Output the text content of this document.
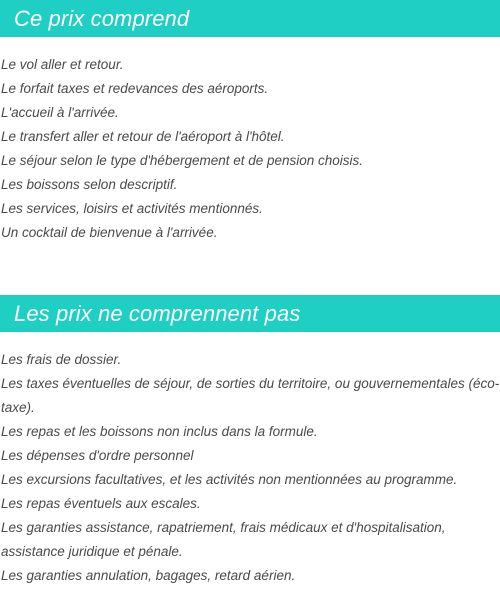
Ce prix comprend
Le vol aller et retour.
Le forfait taxes et redevances des aéroports.
L'accueil à l'arrivée.
Le transfert aller et retour de l'aéroport à l'hôtel.
Le séjour selon le type d'hébergement et de pension choisis.
Les boissons selon descriptif.
Les services, loisirs et activités mentionnés.
Un cocktail de bienvenue à l'arrivée.
Les prix ne comprennent pas
Les frais de dossier.
Les taxes éventuelles de séjour, de sorties du territoire, ou gouvernementales (éco-taxe).
Les repas et les boissons non inclus dans la formule.
Les dépenses d'ordre personnel
Les excursions facultatives, et les activités non mentionnées au programme.
Les repas éventuels aux escales.
Les garanties assistance, rapatriement, frais médicaux et d'hospitalisation, assistance juridique et pénale.
Les garanties annulation, bagages, retard aérien.
